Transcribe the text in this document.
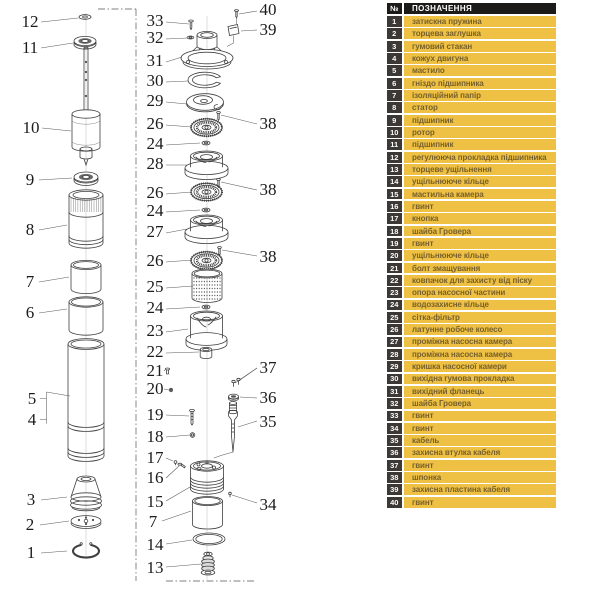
12
11
10
9
8
7
6
5
4
3
2
1
33
32
31
30
29
26
24
28
26
24
27
26
25
24
23
22
21
20
19
18
17
16
15
7
14
13
40
39
38
38
38
37
36
35
34
№	ПОЗНАЧЕННЯ
1	затискна пружина
2	торцева заглушка
3	гумовий стакан
4	кожух двигуна
5	мастило
6	гніздо підшипника
7	ізоляційний папір
8	статор
9	підшипник
10	ротор
11	підшипник
12	регулююча прокладка підшипника
13	торцеве ущільнення
14	ущільнююче кільце
15	мастильна камера
16	гвинт
17	кнопка
18	шайба Гровера
19	гвинт
20	ущільнююче кільце
21	болт змащування
22	ковпачок для захисту від піску
23	опора насосної частини
24	водозахисне кільце
25	сітка-фільтр
26	латунне робоче колесо
27	проміжна насосна камера
28	проміжна насосна камера
29	кришка насосної камери
30	вихідна гумова прокладка
31	вихідний фланець
32	шайба Гровера
33	гвинт
34	гвинт
35	кабель
36	захисна втулка кабеля
37	гвинт
38	шпонка
39	захисна пластина кабеля
40	гвинт
